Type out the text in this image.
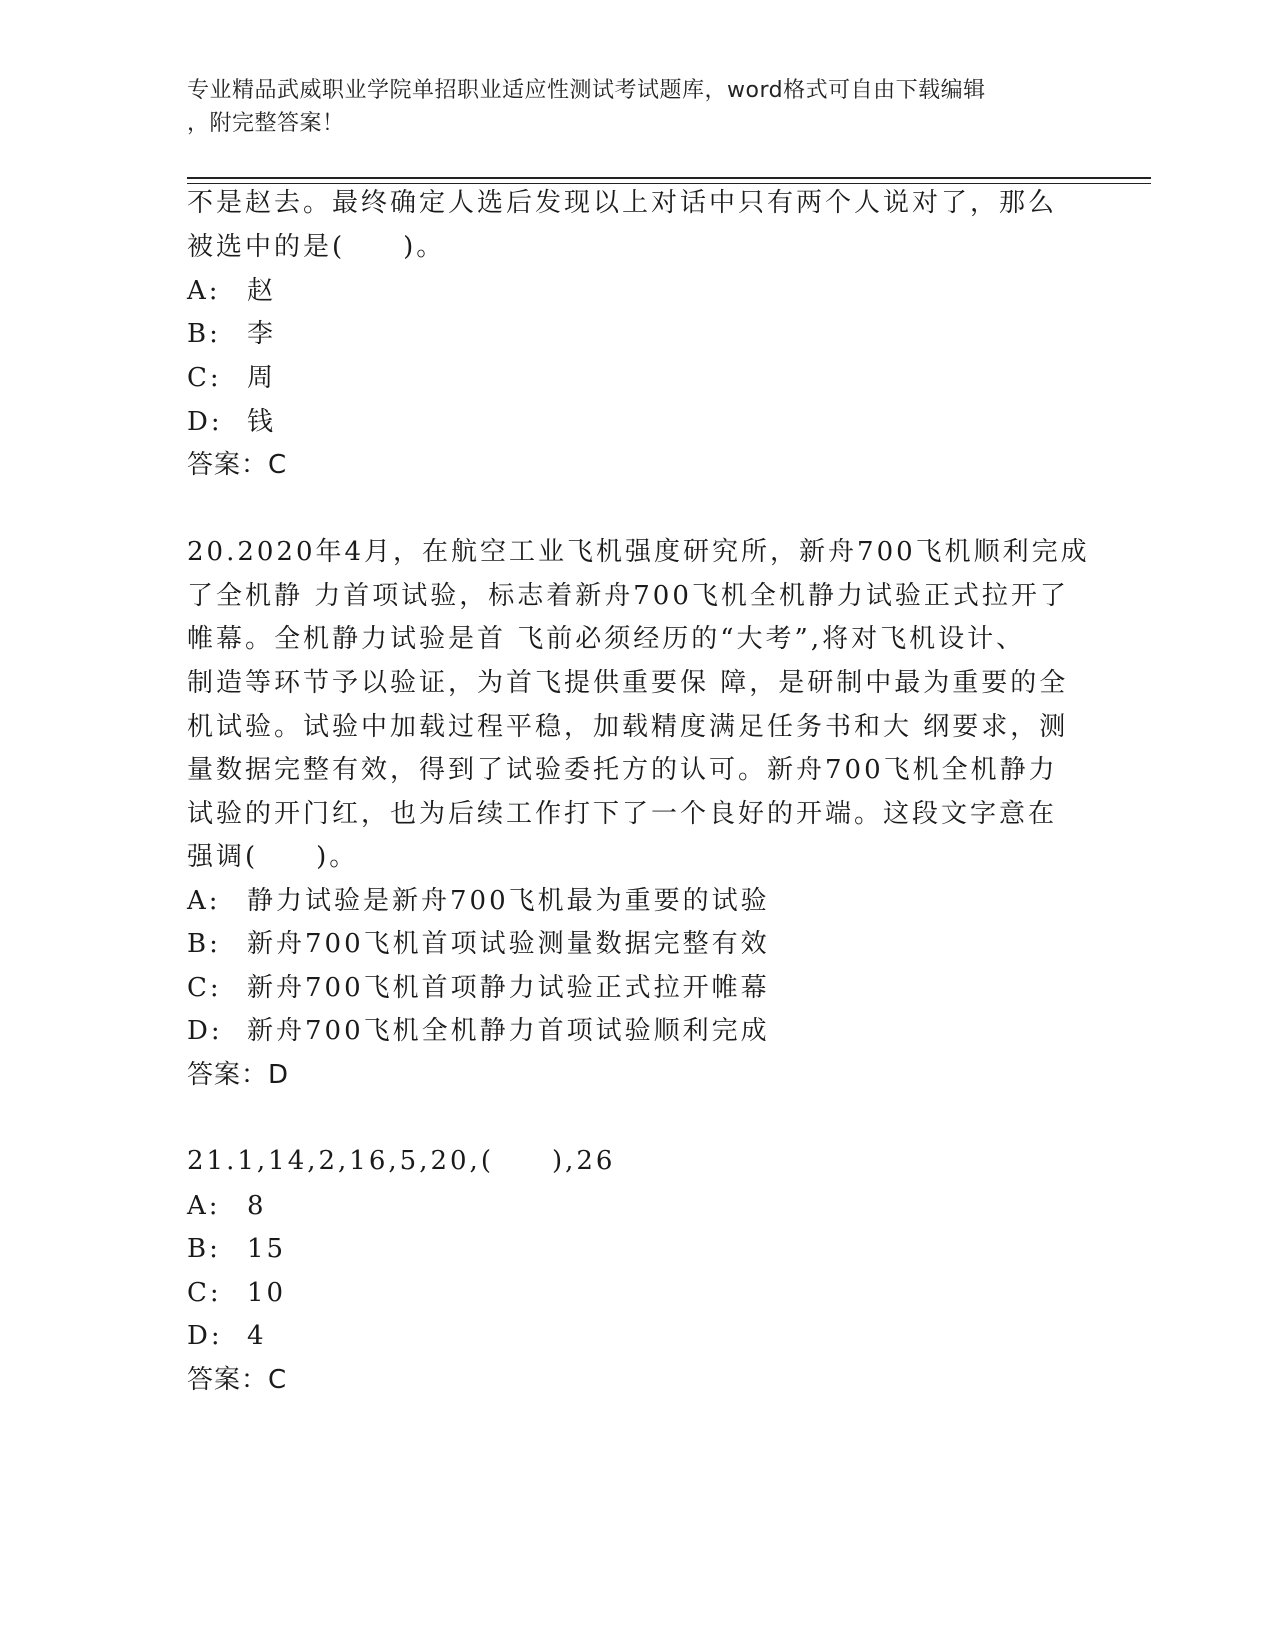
专业精品武威职业学院单招职业适应性测试考试题库，word格式可自由下载编辑
，附完整答案！
不是赵去。最终确定人选后发现以上对话中只有两个人说对了，那么
被选中的是(　　)。
A: 赵
B: 李
C: 周
D: 钱
答案：C
20.2020年4月，在航空工业飞机强度研究所，新舟700飞机顺利完成
了全机静 力首项试验，标志着新舟700飞机全机静力试验正式拉开了
帷幕。全机静力试验是首 飞前必须经历的“大考”,将对飞机设计、
制造等环节予以验证，为首飞提供重要保 障，是研制中最为重要的全
机试验。试验中加载过程平稳，加载精度满足任务书和大 纲要求，测
量数据完整有效，得到了试验委托方的认可。新舟700飞机全机静力
试验的开门红，也为后续工作打下了一个良好的开端。这段文字意在
强调(　　)。
A: 静力试验是新舟700飞机最为重要的试验
B: 新舟700飞机首项试验测量数据完整有效
C: 新舟700飞机首项静力试验正式拉开帷幕
D: 新舟700飞机全机静力首项试验顺利完成
答案：D
21.1,14,2,16,5,20,(　　),26
A: 8
B: 15
C: 10
D: 4
答案：C
